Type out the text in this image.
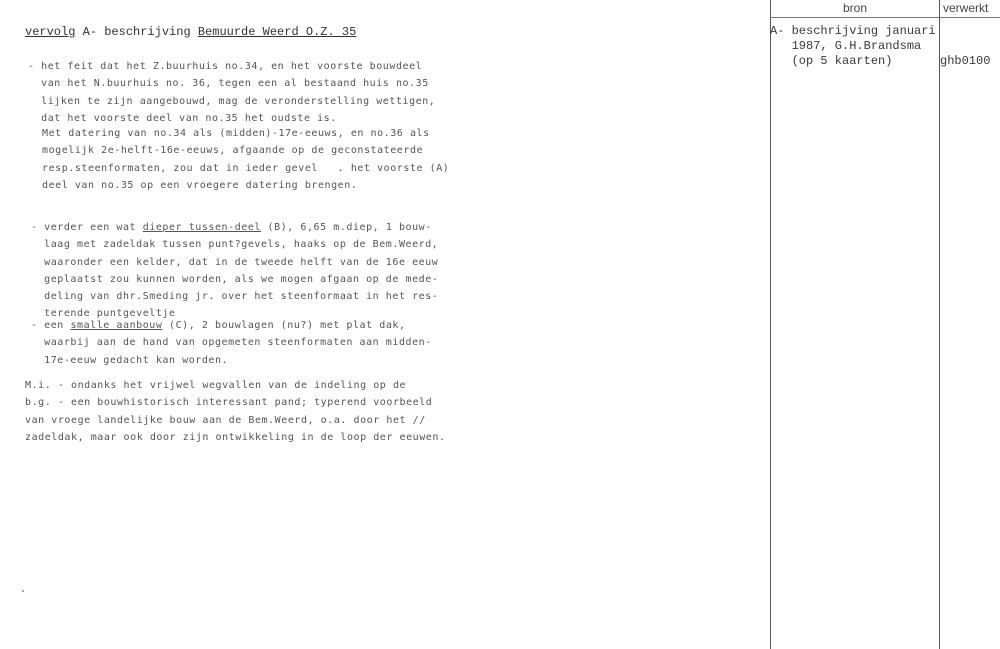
bron	verwerkt
A- beschrijving januari
1987, G.H.Brandsma
(op 5 kaarten)	ghb0100
vervolg A- beschrijving Bemuurde Weerd O.Z. 35
- het feit dat het Z.buurhuis no.34, en het voorste bouwdeel
van het N.buurhuis no. 36, tegen een al bestaand huis no.35
lijken te zijn aangebouwd, mag de veronderstelling wettigen,
dat het voorste deel van no.35 het oudste is.
Met datering van no.34 als (midden)-17e-eeuws, en no.36 als
mogelijk 2e-helft-16e-eeuws, afgaande op de geconstateerde
resp.steenformaten, zou dat in ieder gevel   . het voorste (A)
deel van no.35 op een vroegere datering brengen.
- verder een wat dieper tussen-deel (B), 6,65 m.diep, 1 bouw-
laag met zadeldak tussen punt?gevels, haaks op de Bem.Weerd,
waaronder een kelder, dat in de tweede helft van de 16e eeuw
geplaatst zou kunnen worden, als we mogen afgaan op de mede-
deling van dhr.Smeding jr. over het steenformaat in het res-
terende puntgeveltje
- een smalle aanbouw (C), 2 bouwlagen (nu?) met plat dak,
waarbij aan de hand van opgemeten steenformaten aan midden-
17e-eeuw gedacht kan worden.
M.i. - ondanks het vrijwel wegvallen van de indeling op de
b.g. - een bouwhistorisch interessant pand; typerend voorbeeld
van vroege landelijke bouw aan de Bem.Weerd, o.a. door het //
zadeldak, maar ook door zijn ontwikkeling in de loop der eeuwen.
